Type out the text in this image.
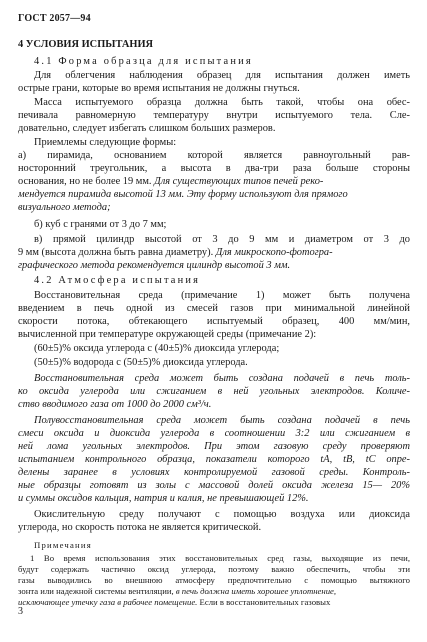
ГОСТ 2057—94
4 УСЛОВИЯ ИСПЫТАНИЯ
4.1 Форма образца для испытания
Для облегчения наблюдения образец для испытания должен иметь
острые грани, которые во время испытания не должны гнуться.
Масса испытуемого образца должна быть такой, чтобы она обес-
печивала равномерную температуру внутри испытуемого тела. Сле-
довательно, следует избегать слишком больших размеров.
Приемлемы следующие формы:
а) пирамида, основанием которой является равноугольный рав-
носторонний треугольник, а высота в два-три раза больше стороны
основания, но не более 19 мм. Для существующих типов печей реко-
мендуется пирамида высотой 13 мм. Эту форму используют для прямого
визуального метода;
б) куб с гранями от 3 до 7 мм;
в) прямой цилиндр высотой от 3 до 9 мм и диаметром от 3 до
9 мм (высота должна быть равна диаметру). Для микроскопо-фотогра-
графического метода рекомендуется цилиндр высотой 3 мм.
4.2 Атмосфера испытания
Восстановительная среда (примечание 1) может быть получена
введением в печь одной из смесей газов при минимальной линейной
скорости потока, обтекающего испытуемый образец, 400 мм/мин,
вычисленной при температуре окружающей среды (примечание 2):
(60±5)% оксида углерода с (40±5)% диоксида углерода;
(50±5)% водорода с (50±5)% диоксида углерода.
Восстановительная среда может быть создана подачей в печь толь-
ко оксида углерода или сжиганием в ней угольных электродов. Количе-
ство вводимого газа от 1000 до 2000 см³/ч.
Полувосстановительная среда может быть создана подачей в печь
смеси оксида и диоксида углерода в соотношении 3:2 или сжиганием в
ней лома угольных электродов. При этом газовую среду проверяют
испытанием контрольного образца, показатели которого tА, tВ, tС опре-
делены заранее в условиях контролируемой газовой среды. Контроль-
ные образцы готовят из золы с массовой долей оксида железа 15— 20%
и суммы оксидов кальция, натрия и калия, не превышающей 12%.
Окислительную среду получают с помощью воздуха или диоксида
углерода, но скорость потока не является критической.
Примечания
1 Во время использования этих восстановительных сред газы, выходящие из печи,
будут содержать частично оксид углерода, поэтому важно обеспечить, чтобы эти
газы выводились во внешнюю атмосферу предпочтительно с помощью вытяжного
зонта или надежной системы вентиляции, в печь должна иметь хорошее уплотнение,
исключающее утечку газа в рабочее помещение. Если в восстановительных газовых
3
